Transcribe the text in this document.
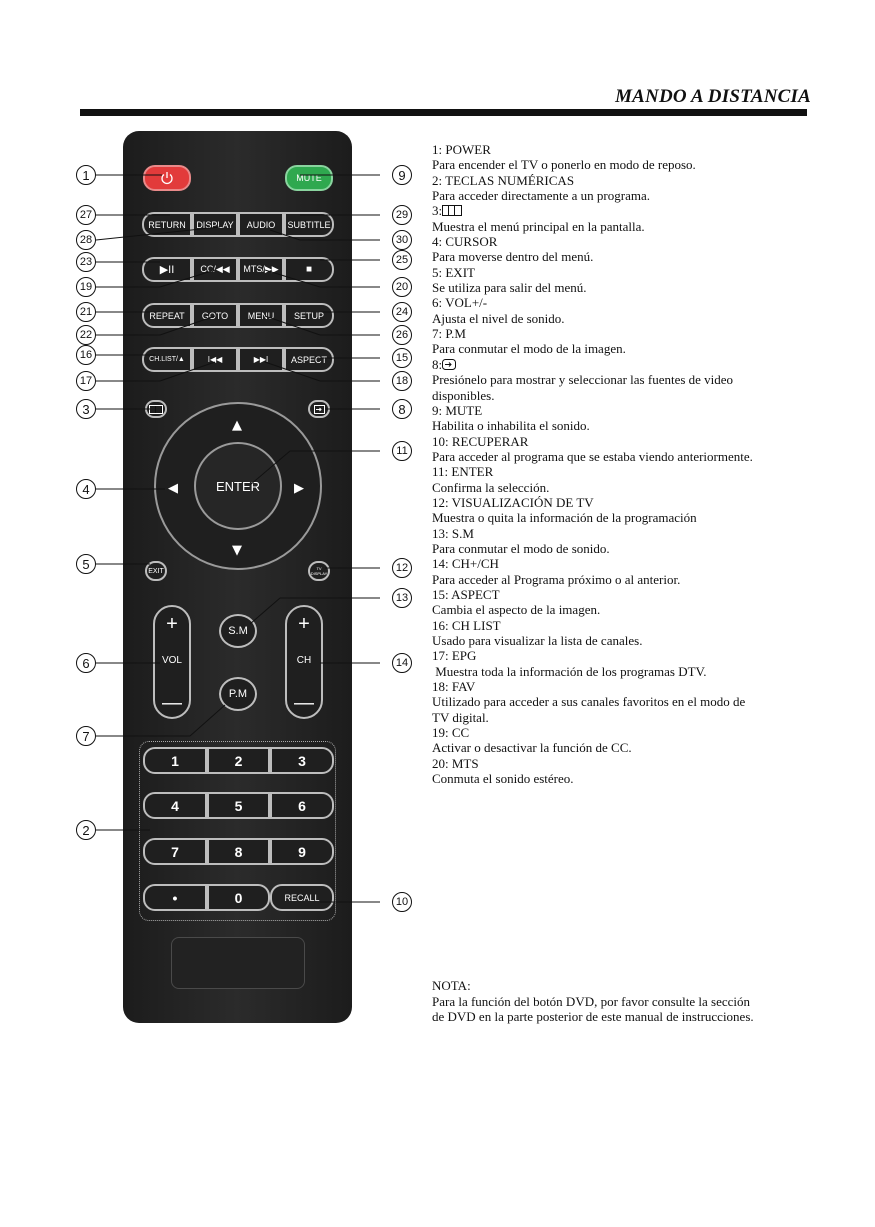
MANDO A DISTANCIA
MUTE
RETURN	DISPLAY	AUDIO	SUBTITLE
▶II	CC/◀◀	MTS/▶▶	■
REPEAT	GOTO	MENU	SETUP
CH.LIST/▲	I◀◀	▶▶I	ASPECT
ENTER
▲
▼
◀	▶
EXIT	TV DISPLAY
+
VOL
—
+
CH
—
S.M
P.M
1	2	3
4	5	6
7	8	9
•	0	RECALL
1	9
27	29
28	30
23	25
19	20
21	24
22	26
16	15
17	18
3	8
11
4
5	12
13
6	14
7
2
10
1: POWER
Para encender el TV o ponerlo en modo de reposo.
2: TECLAS NUMÉRICAS
Para acceder directamente a un programa.
3:
Muestra el menú principal en la pantalla.
4: CURSOR
Para moverse dentro del menú.
5: EXIT
Se utiliza para salir del menú.
6: VOL+/-
Ajusta el nivel de sonido.
7: P.M
Para conmutar el modo de la imagen.
8:
Presiónelo para mostrar y seleccionar las fuentes de video
disponibles.
9: MUTE
Habilita o inhabilita el sonido.
10: RECUPERAR
Para acceder al programa que se estaba viendo anteriormente.
11: ENTER
Confirma la selección.
12: VISUALIZACIÓN DE TV
Muestra o quita la información de la programación
13: S.M
Para conmutar el modo de sonido.
14: CH+/CH
Para acceder al Programa próximo o al anterior.
15: ASPECT
Cambia el aspecto de la imagen.
16: CH LIST
Usado para visualizar la lista de canales.
17: EPG
Muestra toda la información de los programas DTV.
18: FAV
Utilizado para acceder a sus canales favoritos en el modo de
TV digital.
19: CC
Activar o desactivar la función de CC.
20: MTS
Conmuta el sonido estéreo.
NOTA:
Para la función del botón DVD, por favor consulte la sección
de DVD en la parte posterior de este manual de instrucciones.
